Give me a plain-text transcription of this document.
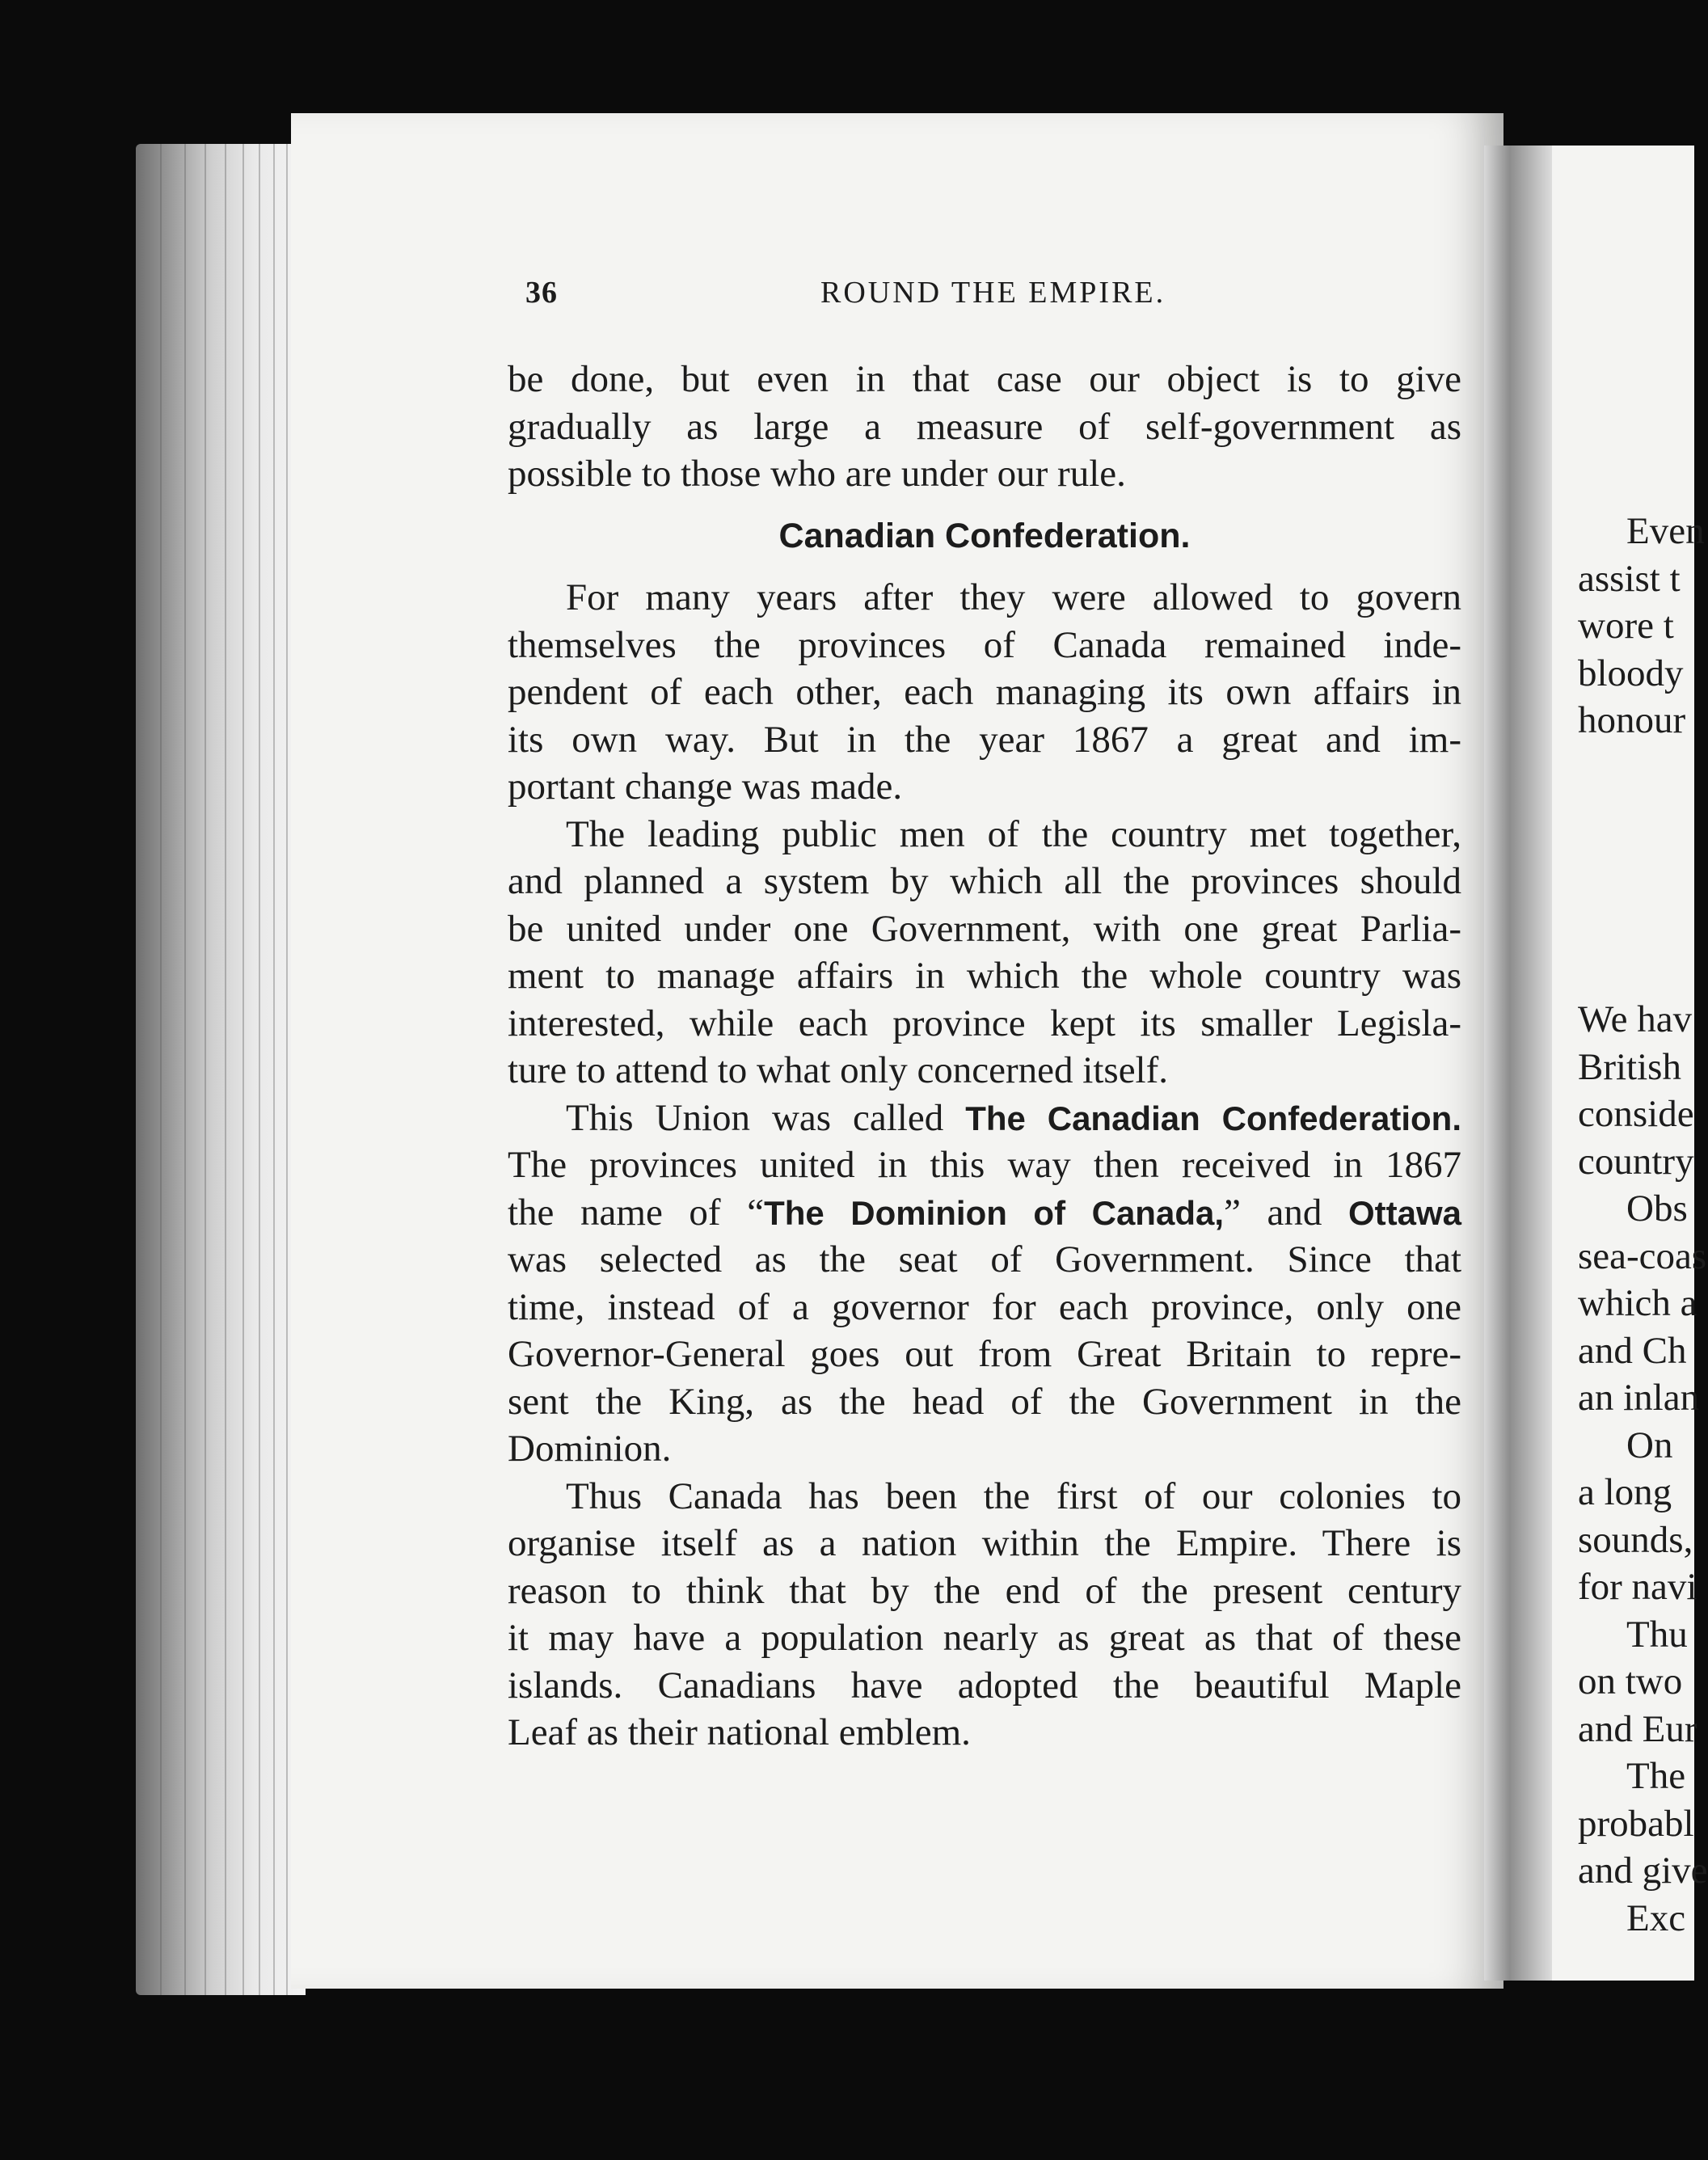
Even
assist t
wore t
bloody
honour
We hav
British
conside
country
Obs
sea-coas
which a
and Ch
an inlan
On
a long
sounds,
for navi
Thu
on two
and Eur
The
probabl
and give
Exc
36	ROUND THE EMPIRE.
be done, but even in that case our object is to give
gradually as large a measure of self-government as
possible to those who are under our rule.
Canadian Confederation.
For many years after they were allowed to govern
themselves the provinces of Canada remained inde-
pendent of each other, each managing its own affairs in
its own way. But in the year 1867 a great and im-
portant change was made.
The leading public men of the country met together,
and planned a system by which all the provinces should
be united under one Government, with one great Parlia-
ment to manage affairs in which the whole country was
interested, while each province kept its smaller Legisla-
ture to attend to what only concerned itself.
This Union was called The Canadian Confederation.
The provinces united in this way then received in 1867
the name of “The Dominion of Canada,” and Ottawa
was selected as the seat of Government. Since that
time, instead of a governor for each province, only one
Governor-General goes out from Great Britain to repre-
sent the King, as the head of the Government in the
Dominion.
Thus Canada has been the first of our colonies to
organise itself as a nation within the Empire. There is
reason to think that by the end of the present century
it may have a population nearly as great as that of these
islands. Canadians have adopted the beautiful Maple
Leaf as their national emblem.
